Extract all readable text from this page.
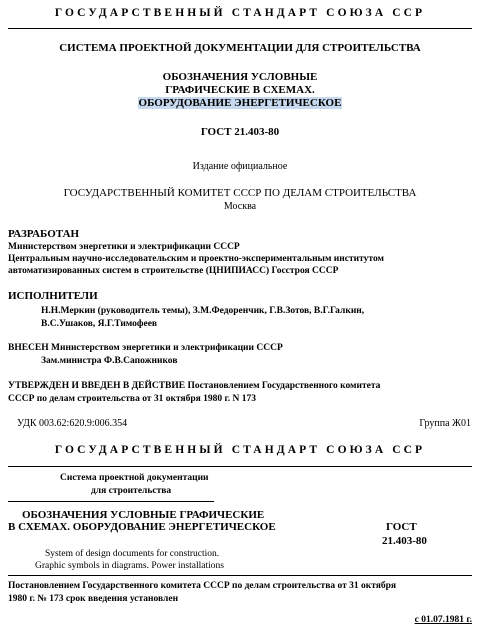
ГОСУДАРСТВЕННЫЙ СТАНДАРТ СОЮЗА ССР
СИСТЕМА ПРОЕКТНОЙ ДОКУМЕНТАЦИИ ДЛЯ СТРОИТЕЛЬСТВА
ОБОЗНАЧЕНИЯ УСЛОВНЫЕ
ГРАФИЧЕСКИЕ В СХЕМАХ.
ОБОРУДОВАНИЕ ЭНЕРГЕТИЧЕСКОЕ
ГОСТ 21.403-80
Издание официальное
ГОСУДАРСТВЕННЫЙ КОМИТЕТ СССР ПО ДЕЛАМ СТРОИТЕЛЬСТВА
Москва
РАЗРАБОТАН
Министерством энергетики и электрификации СССР
Центральным научно-исследовательским и проектно-экспериментальным институтом
автоматизированных систем в строительстве (ЦНИПИАСС) Госстроя СССР
ИСПОЛНИТЕЛИ
Н.Н.Меркин (руководитель темы), З.М.Федоренчик, Г.В.Зотов, В.Г.Галкин,
В.С.Ушаков, Я.Г.Тимофеев
ВНЕСЕН Министерством энергетики и электрификации СССР
Зам.министра Ф.В.Сапожников
УТВЕРЖДЕН И ВВЕДЕН В ДЕЙСТВИЕ Постановлением Государственного комитета
СССР по делам строительства от 31 октября 1980 г. N 173
УДК 003.62:620.9:006.354	Группа Ж01
ГОСУДАРСТВЕННЫЙ СТАНДАРТ СОЮЗА ССР
Система проектной документации
для строительства
ОБОЗНАЧЕНИЯ УСЛОВНЫЕ ГРАФИЧЕСКИЕ
В СХЕМАХ. ОБОРУДОВАНИЕ ЭНЕРГЕТИЧЕСКОЕ	ГОСТ
21.403-80
System of design documents for construction.
Graphic symbols in diagrams. Power installations
Постановлением Государственного комитета СССР по делам строительства от 31 октября
1980 г. № 173 срок введения установлен
с 01.07.1981 г.
